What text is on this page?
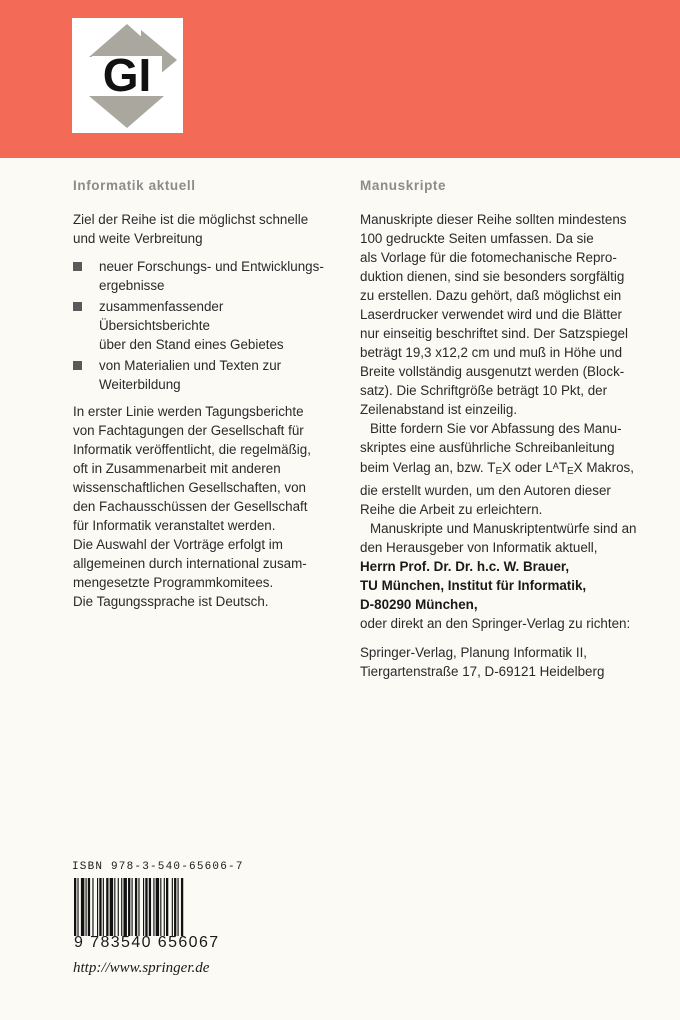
GI
Informatik aktuell

Ziel der Reihe ist die möglichst schnelle
und weite Verbreitung

neuer Forschungs- und Entwicklungs-
ergebnisse
zusammenfassender Übersichtsberichte
über den Stand eines Gebietes
von Materialien und Texten zur
Weiterbildung

In erster Linie werden Tagungsberichte
von Fachtagungen der Gesellschaft für
Informatik veröffentlicht, die regelmäßig,
oft in Zusammenarbeit mit anderen
wissenschaftlichen Gesellschaften, von
den Fachausschüssen der Gesellschaft
für Informatik veranstaltet werden.
Die Auswahl der Vorträge erfolgt im
allgemeinen durch international zusam-
mengesetzte Programmkomitees.
Die Tagungssprache ist Deutsch.

Manuskripte

Manuskripte dieser Reihe sollten mindestens
100 gedruckte Seiten umfassen. Da sie
als Vorlage für die fotomechanische Repro-
duktion dienen, sind sie besonders sorgfältig
zu erstellen. Dazu gehört, daß möglichst ein
Laserdrucker verwendet wird und die Blätter
nur einseitig beschriftet sind. Der Satzspiegel
beträgt 19,3 x12,2 cm und muß in Höhe und
Breite vollständig ausgenutzt werden (Block-
satz). Die Schriftgröße beträgt 10 Pkt, der
Zeilenabstand ist einzeilig.

Bitte fordern Sie vor Abfassung des Manu-
skriptes eine ausführliche Schreibanleitung
beim Verlag an, bzw. $T_EX$ oder $L^AT_EX$ Makros,
die erstellt wurden, um den Autoren dieser
Reihe die Arbeit zu erleichtern.

Manuskripte und Manuskriptentwürfe sind an
den Herausgeber von Informatik aktuell,

Herrn Prof. Dr. Dr. h.c. W. Brauer,
TU München, Institut für Informatik,
D-80290 München,

oder direkt an den Springer-Verlag zu richten:

Springer-Verlag, Planung Informatik II,
Tiergartenstraße 17, D-69121 Heidelberg

ISBN 978-3-540-65606-7
9 783540 656067
http://www.springer.de
